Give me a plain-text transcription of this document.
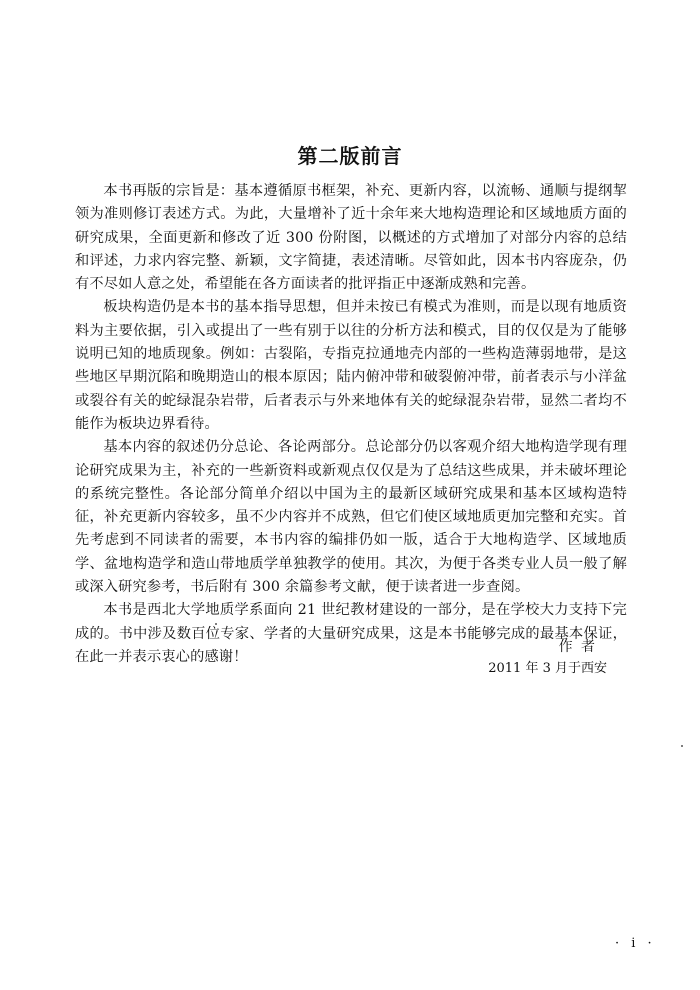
第二版前言

本书再版的宗旨是：基本遵循原书框架，补充、更新内容，以流畅、通顺与提纲挈领为准则修订表述方式。为此，大量增补了近十余年来大地构造理论和区域地质方面的研究成果，全面更新和修改了近 300 份附图，以概述的方式增加了对部分内容的总结和评述，力求内容完整、新颖，文字简捷，表述清晰。尽管如此，因本书内容庞杂，仍有不尽如人意之处，希望能在各方面读者的批评指正中逐渐成熟和完善。

板块构造仍是本书的基本指导思想，但并未按已有模式为准则，而是以现有地质资料为主要依据，引入或提出了一些有别于以往的分析方法和模式，目的仅仅是为了能够说明已知的地质现象。例如：古裂陷，专指克拉通地壳内部的一些构造薄弱地带，是这些地区早期沉陷和晚期造山的根本原因；陆内俯冲带和破裂俯冲带，前者表示与小洋盆或裂谷有关的蛇绿混杂岩带，后者表示与外来地体有关的蛇绿混杂岩带，显然二者均不能作为板块边界看待。

基本内容的叙述仍分总论、各论两部分。总论部分仍以客观介绍大地构造学现有理论研究成果为主，补充的一些新资料或新观点仅仅是为了总结这些成果，并未破坏理论的系统完整性。各论部分简单介绍以中国为主的最新区域研究成果和基本区域构造特征，补充更新内容较多，虽不少内容并不成熟，但它们使区域地质更加完整和充实。首先考虑到不同读者的需要，本书内容的编排仍如一版，适合于大地构造学、区域地质学、盆地构造学和造山带地质学单独教学的使用。其次，为便于各类专业人员一般了解或深入研究参考，书后附有 300 余篇参考文献，便于读者进一步查阅。

本书是西北大学地质学系面向 21 世纪教材建设的一部分，是在学校大力支持下完成的。书中涉及数百位专家、学者的大量研究成果，这是本书能够完成的最基本保证，在此一并表示衷心的感谢！

作者
2011 年 3 月于西安
· i ·
